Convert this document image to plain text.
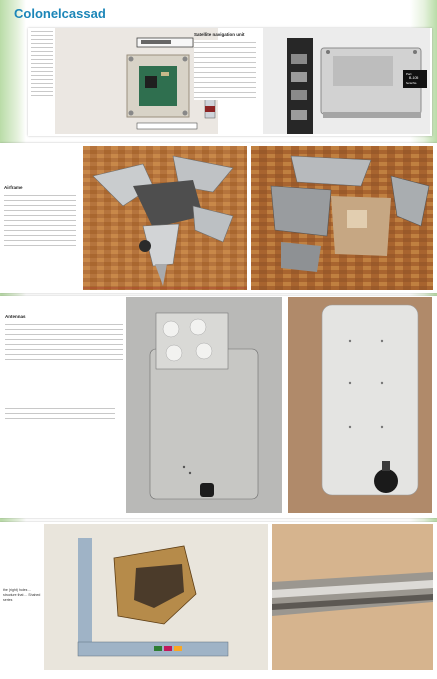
Colonelcassad
Satellite navigation unit
Part
B-105
Serial No.
Airframe
Antennas
the (right) holes ... structure that ... Shahed series
